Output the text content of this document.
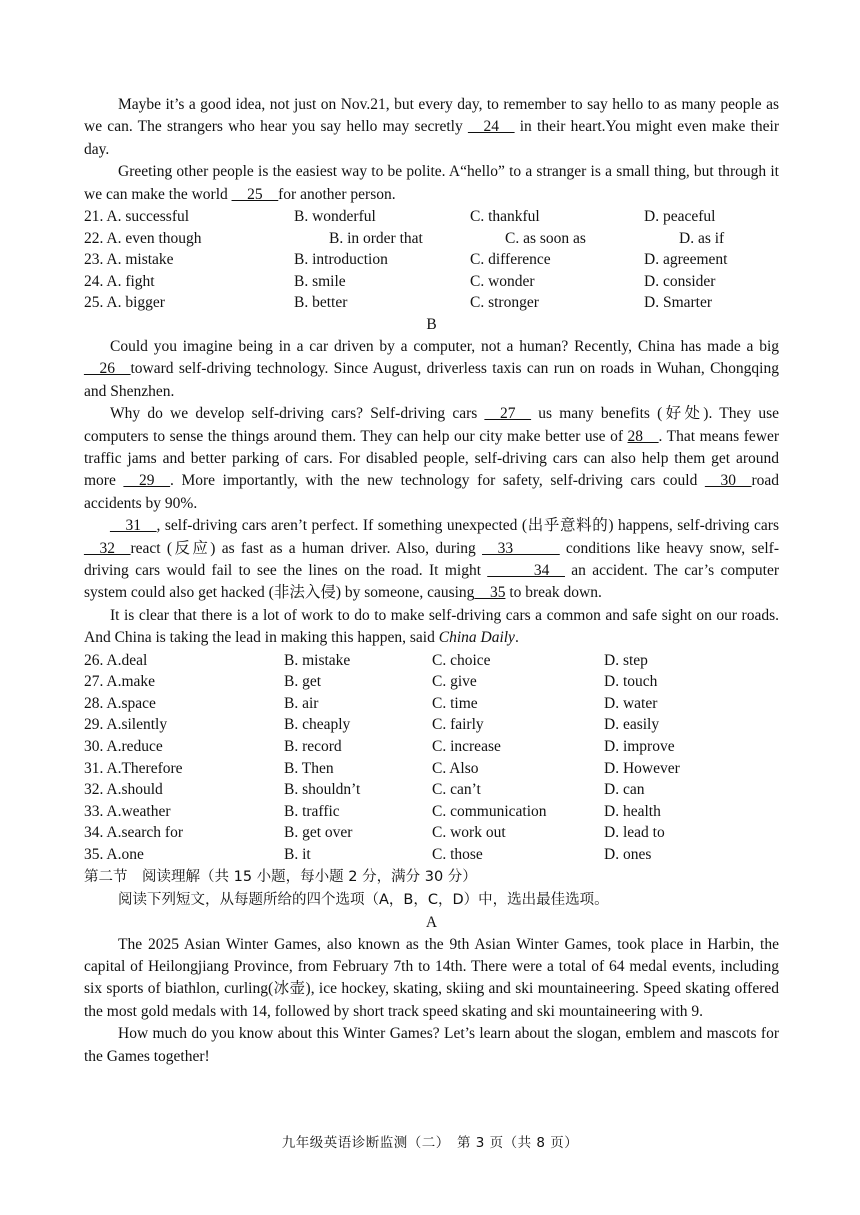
Maybe it’s a good idea, not just on Nov.21, but every day, to remember to say hello to as many people as we can. The strangers who hear you say hello may secretly __24__ in their heart.You might even make their day.

Greeting other people is the easiest way to be polite. A“hello” to a stranger is a small thing, but through it we can make the world __25__for another person.

21. A. successful	B. wonderful	C. thankful	D. peaceful
22. A. even though	B. in order that	C. as soon as	D. as if
23. A. mistake	B. introduction	C. difference	D. agreement
24. A. fight	B. smile	C. wonder	D. consider
25. A. bigger	B. better	C. stronger	D. Smarter

B

Could you imagine being in a car driven by a computer, not a human? Recently, China has made a big __26__toward self-driving technology. Since August, driverless taxis can run on roads in Wuhan, Chongqing and Shenzhen.

Why do we develop self-driving cars? Self-driving cars __27__ us many benefits (好处). They use computers to sense the things around them. They can help our city make better use of 28__. That means fewer traffic jams and better parking of cars. For disabled people, self-driving cars can also help them get around more __29__. More importantly, with the new technology for safety, self-driving cars could __30__road accidents by 90%.

__31__, self-driving cars aren’t perfect. If something unexpected (出乎意料的) happens, self-driving cars __32__react (反应) as fast as a human driver. Also, during __33______ conditions like heavy snow, self- driving cars would fail to see the lines on the road. It might ______34__ an accident. The car’s computer system could also get hacked (非法入侵) by someone, causing__35 to break down.

It is clear that there is a lot of work to do to make self-driving cars a common and safe sight on our roads. And China is taking the lead in making this happen, said China Daily.

26. A.deal	B. mistake	C. choice	D. step
27. A.make	B. get	C. give	D. touch
28. A.space	B. air	C. time	D. water
29. A.silently	B. cheaply	C. fairly	D. easily
30. A.reduce	B. record	C. increase	D. improve
31. A.Therefore	B. Then	C. Also	D. However
32. A.should	B. shouldn’t	C. can’t	D. can
33. A.weather	B. traffic	C. communication	D. health
34. A.search for	B. get over	C. work out	D. lead to
35. A.one	B. it	C. those	D. ones

第二节　阅读理解（共 15 小题，每小题 2 分，满分 30 分）

阅读下列短文，从每题所给的四个选项（A，B，C，D）中，选出最佳选项。

A

The 2025 Asian Winter Games, also known as the 9th Asian Winter Games, took place in Harbin, the capital of Heilongjiang Province, from February 7th to 14th. There were a total of 64 medal events, including six sports of biathlon, curling(冰壶), ice hockey, skating, skiing and ski mountaineering. Speed skating offered the most gold medals with 14, followed by short track speed skating and ski mountaineering with 9.

How much do you know about this Winter Games? Let’s learn about the slogan, emblem and mascots for the Games together!

九年级英语诊断监测（二）　第 3 页（共 8 页）
